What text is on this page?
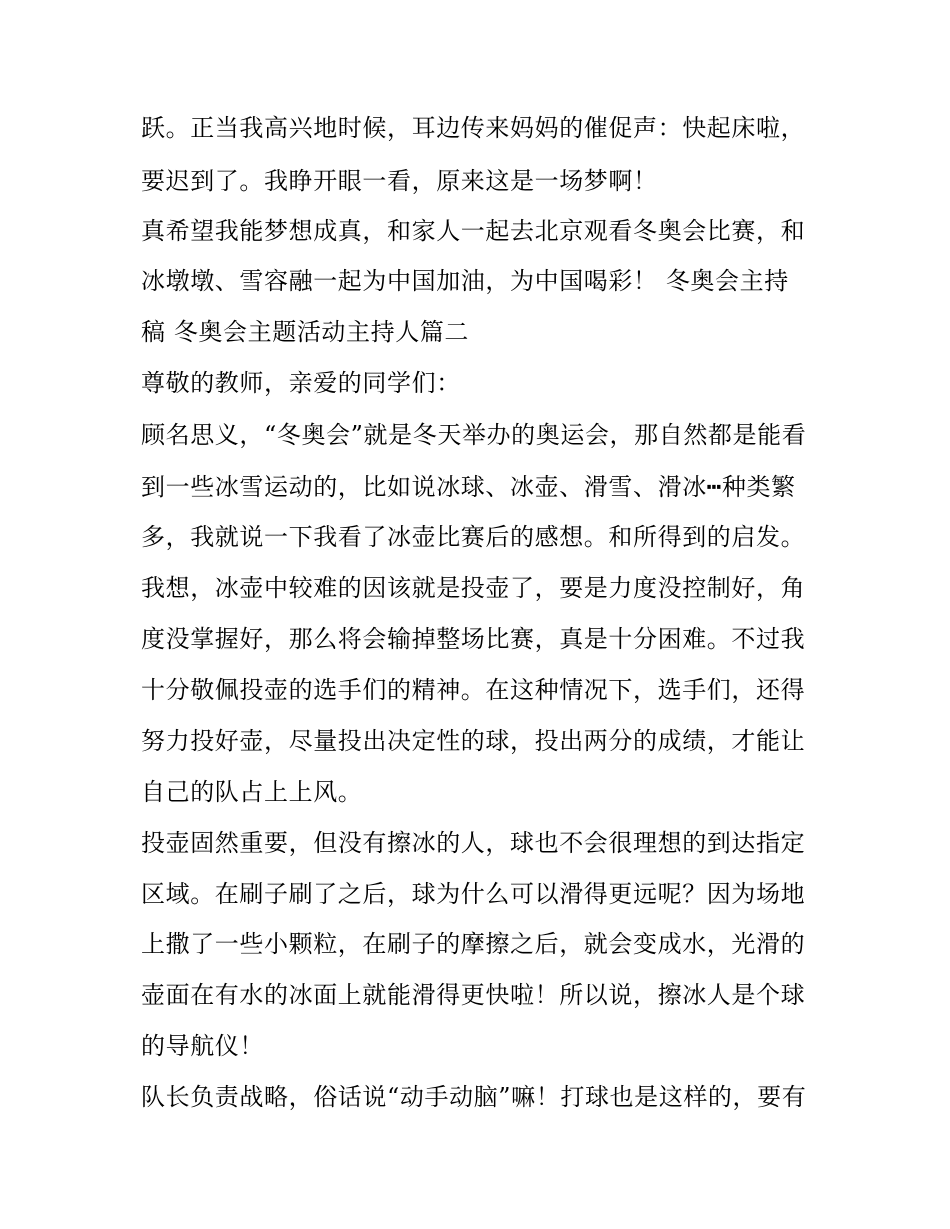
跃。正当我高兴地时候，耳边传来妈妈的催促声：快起床啦，
要迟到了。我睁开眼一看，原来这是一场梦啊！
真希望我能梦想成真，和家人一起去北京观看冬奥会比赛，和
冰墩墩、雪容融一起为中国加油，为中国喝彩！ 冬奥会主持
稿 冬奥会主题活动主持人篇二
尊敬的教师，亲爱的同学们：
顾名思义，“冬奥会”就是冬天举办的奥运会，那自然都是能看
到一些冰雪运动的，比如说冰球、冰壶、滑雪、滑冰┅种类繁
多，我就说一下我看了冰壶比赛后的感想。和所得到的启发。
我想，冰壶中较难的因该就是投壶了，要是力度没控制好，角
度没掌握好，那么将会输掉整场比赛，真是十分困难。不过我
十分敬佩投壶的选手们的精神。在这种情况下，选手们，还得
努力投好壶，尽量投出决定性的球，投出两分的成绩，才能让
自己的队占上上风。
投壶固然重要，但没有擦冰的人，球也不会很理想的到达指定
区域。在刷子刷了之后，球为什么可以滑得更远呢？因为场地
上撒了一些小颗粒，在刷子的摩擦之后，就会变成水，光滑的
壶面在有水的冰面上就能滑得更快啦！所以说，擦冰人是个球
的导航仪！
队长负责战略，俗话说“动手动脑”嘛！打球也是这样的，要有
